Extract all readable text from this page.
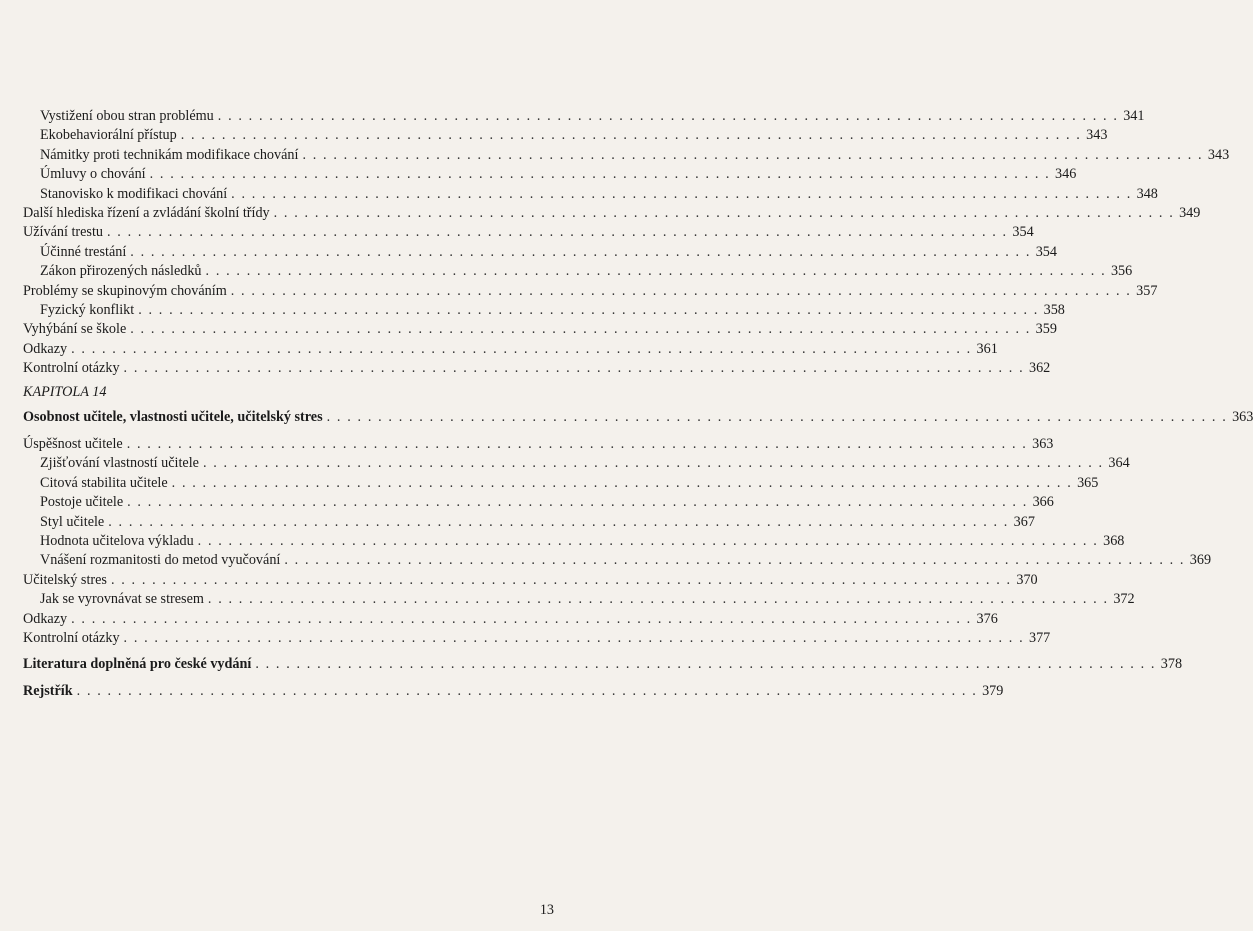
Vystižení obou stran problému . . . . . . . . . . . . . . . . . . . . . . . . . . . . . . . . . . . . . . . . . . . . . . . . . . . . . . . . . . . . . . . . . . . . . . . . . . . . . . . . . . . . . . . . 341
Ekobehaviorální přístup . . . . . . . . . . . . . . . . . . . . . . . . . . . . . . . . . . . . . . . . . . . . . . . . . . . . . . . . . . . . . . . . . . . . . . . . . . . . . . . . . . . . . . . . 343
Námitky proti technikám modifikace chování . . . . . . . . . . . . . . . . . . . . . . . . . . . . . . . . . . . . . . . . . . . . . . . . . . . . . . . . . . . . . . . . . . . . . . . . . . . . . . . . . . . . . . . . 343
Úmluvy o chování . . . . . . . . . . . . . . . . . . . . . . . . . . . . . . . . . . . . . . . . . . . . . . . . . . . . . . . . . . . . . . . . . . . . . . . . . . . . . . . . . . . . . . . . 346
Stanovisko k modifikaci chování . . . . . . . . . . . . . . . . . . . . . . . . . . . . . . . . . . . . . . . . . . . . . . . . . . . . . . . . . . . . . . . . . . . . . . . . . . . . . . . . . . . . . . . . 348
Další hlediska řízení a zvládání školní třídy . . . . . . . . . . . . . . . . . . . . . . . . . . . . . . . . . . . . . . . . . . . . . . . . . . . . . . . . . . . . . . . . . . . . . . . . . . . . . . . . . . . . . . . . 349
Užívání trestu . . . . . . . . . . . . . . . . . . . . . . . . . . . . . . . . . . . . . . . . . . . . . . . . . . . . . . . . . . . . . . . . . . . . . . . . . . . . . . . . . . . . . . . . 354
Účinné trestání . . . . . . . . . . . . . . . . . . . . . . . . . . . . . . . . . . . . . . . . . . . . . . . . . . . . . . . . . . . . . . . . . . . . . . . . . . . . . . . . . . . . . . . . 354
Zákon přirozených následků . . . . . . . . . . . . . . . . . . . . . . . . . . . . . . . . . . . . . . . . . . . . . . . . . . . . . . . . . . . . . . . . . . . . . . . . . . . . . . . . . . . . . . . . 356
Problémy se skupinovým chováním . . . . . . . . . . . . . . . . . . . . . . . . . . . . . . . . . . . . . . . . . . . . . . . . . . . . . . . . . . . . . . . . . . . . . . . . . . . . . . . . . . . . . . . . 357
Fyzický konflikt . . . . . . . . . . . . . . . . . . . . . . . . . . . . . . . . . . . . . . . . . . . . . . . . . . . . . . . . . . . . . . . . . . . . . . . . . . . . . . . . . . . . . . . . 358
Vyhýbání se škole . . . . . . . . . . . . . . . . . . . . . . . . . . . . . . . . . . . . . . . . . . . . . . . . . . . . . . . . . . . . . . . . . . . . . . . . . . . . . . . . . . . . . . . . 359
Odkazy . . . . . . . . . . . . . . . . . . . . . . . . . . . . . . . . . . . . . . . . . . . . . . . . . . . . . . . . . . . . . . . . . . . . . . . . . . . . . . . . . . . . . . . . 361
Kontrolní otázky . . . . . . . . . . . . . . . . . . . . . . . . . . . . . . . . . . . . . . . . . . . . . . . . . . . . . . . . . . . . . . . . . . . . . . . . . . . . . . . . . . . . . . . . 362
KAPITOLA 14
Osobnost učitele, vlastnosti učitele, učitelský stres . . . . . . . . . . . . . . . . . . . . . . . . . . . . . . . . . . . . . . . . . . . . . . . . . . . . . . . . . . . . . . . . . . . . . . . . . . . . . . . . . . . . . . . . 363
Úspěšnost učitele . . . . . . . . . . . . . . . . . . . . . . . . . . . . . . . . . . . . . . . . . . . . . . . . . . . . . . . . . . . . . . . . . . . . . . . . . . . . . . . . . . . . . . . . 363
Zjišťování vlastností učitele . . . . . . . . . . . . . . . . . . . . . . . . . . . . . . . . . . . . . . . . . . . . . . . . . . . . . . . . . . . . . . . . . . . . . . . . . . . . . . . . . . . . . . . . 364
Citová stabilita učitele . . . . . . . . . . . . . . . . . . . . . . . . . . . . . . . . . . . . . . . . . . . . . . . . . . . . . . . . . . . . . . . . . . . . . . . . . . . . . . . . . . . . . . . . 365
Postoje učitele . . . . . . . . . . . . . . . . . . . . . . . . . . . . . . . . . . . . . . . . . . . . . . . . . . . . . . . . . . . . . . . . . . . . . . . . . . . . . . . . . . . . . . . . 366
Styl učitele . . . . . . . . . . . . . . . . . . . . . . . . . . . . . . . . . . . . . . . . . . . . . . . . . . . . . . . . . . . . . . . . . . . . . . . . . . . . . . . . . . . . . . . . 367
Hodnota učitelova výkladu . . . . . . . . . . . . . . . . . . . . . . . . . . . . . . . . . . . . . . . . . . . . . . . . . . . . . . . . . . . . . . . . . . . . . . . . . . . . . . . . . . . . . . . . 368
Vnášení rozmanitosti do metod vyučování . . . . . . . . . . . . . . . . . . . . . . . . . . . . . . . . . . . . . . . . . . . . . . . . . . . . . . . . . . . . . . . . . . . . . . . . . . . . . . . . . . . . . . . . 369
Učitelský stres . . . . . . . . . . . . . . . . . . . . . . . . . . . . . . . . . . . . . . . . . . . . . . . . . . . . . . . . . . . . . . . . . . . . . . . . . . . . . . . . . . . . . . . . 370
Jak se vyrovnávat se stresem . . . . . . . . . . . . . . . . . . . . . . . . . . . . . . . . . . . . . . . . . . . . . . . . . . . . . . . . . . . . . . . . . . . . . . . . . . . . . . . . . . . . . . . . 372
Odkazy . . . . . . . . . . . . . . . . . . . . . . . . . . . . . . . . . . . . . . . . . . . . . . . . . . . . . . . . . . . . . . . . . . . . . . . . . . . . . . . . . . . . . . . . 376
Kontrolní otázky . . . . . . . . . . . . . . . . . . . . . . . . . . . . . . . . . . . . . . . . . . . . . . . . . . . . . . . . . . . . . . . . . . . . . . . . . . . . . . . . . . . . . . . . 377
Literatura doplněná pro české vydání . . . . . . . . . . . . . . . . . . . . . . . . . . . . . . . . . . . . . . . . . . . . . . . . . . . . . . . . . . . . . . . . . . . . . . . . . . . . . . . . . . . . . . . . 378
Rejstřík . . . . . . . . . . . . . . . . . . . . . . . . . . . . . . . . . . . . . . . . . . . . . . . . . . . . . . . . . . . . . . . . . . . . . . . . . . . . . . . . . . . . . . . . 379
13
